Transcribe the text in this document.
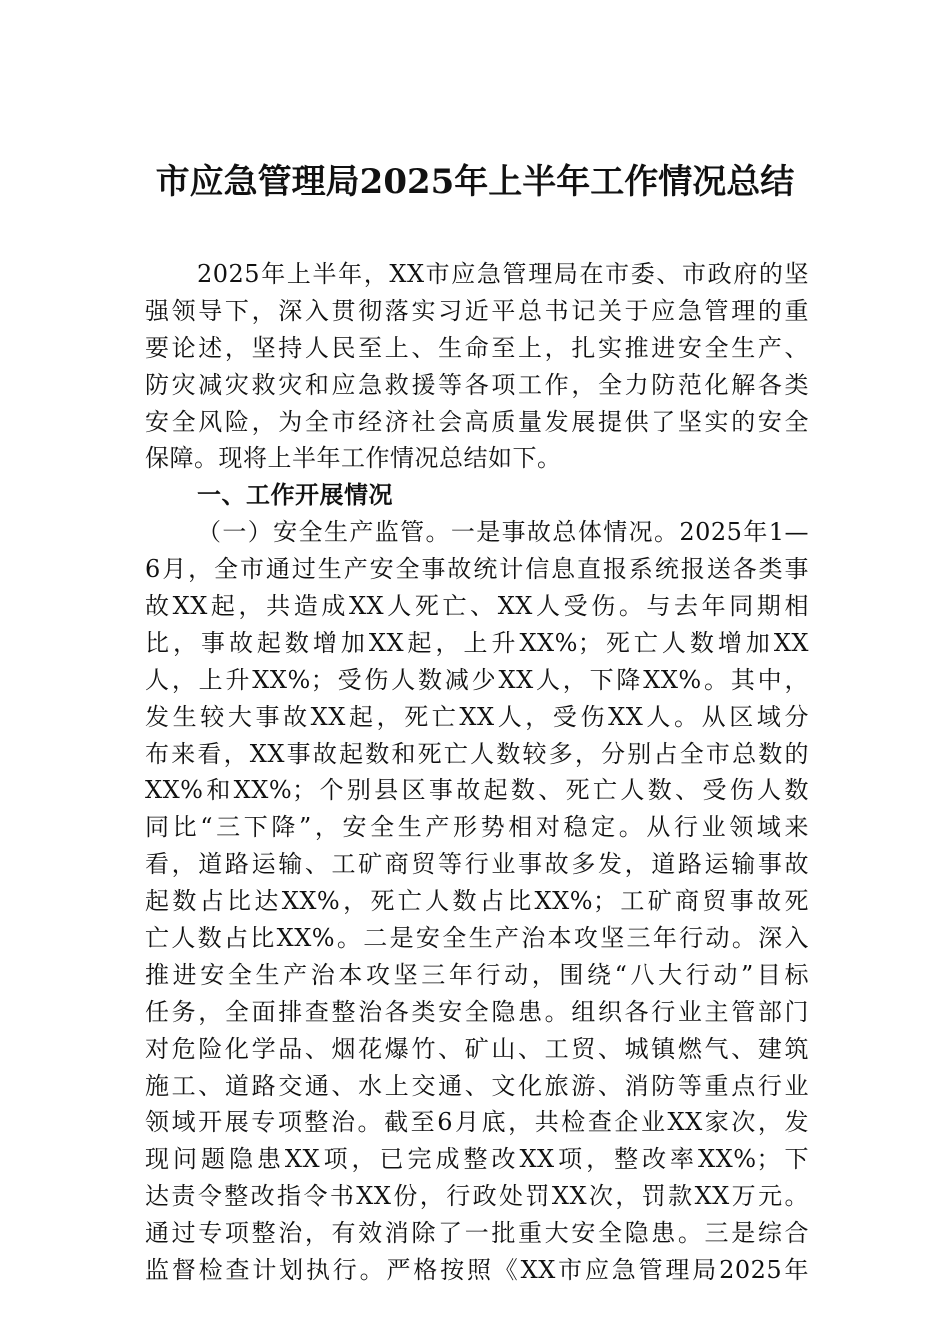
市应急管理局2025年上半年工作情况总结
2025年上半年，XX市应急管理局在市委、市政府的坚
强领导下，深入贯彻落实习近平总书记关于应急管理的重
要论述，坚持人民至上、生命至上，扎实推进安全生产、
防灾减灾救灾和应急救援等各项工作，全力防范化解各类
安全风险，为全市经济社会高质量发展提供了坚实的安全
保障。现将上半年工作情况总结如下。
一、工作开展情况
（一）安全生产监管。一是事故总体情况。2025年1—
6月，全市通过生产安全事故统计信息直报系统报送各类事
故XX起，共造成XX人死亡、XX人受伤。与去年同期相
比，事故起数增加XX起，上升XX%；死亡人数增加XX
人，上升XX%；受伤人数减少XX人，下降XX%。其中，
发生较大事故XX起，死亡XX人，受伤XX人。从区域分
布来看，XX事故起数和死亡人数较多，分别占全市总数的
XX%和XX%；个别县区事故起数、死亡人数、受伤人数
同比“三下降”，安全生产形势相对稳定。从行业领域来
看，道路运输、工矿商贸等行业事故多发，道路运输事故
起数占比达XX%，死亡人数占比XX%；工矿商贸事故死
亡人数占比XX%。二是安全生产治本攻坚三年行动。深入
推进安全生产治本攻坚三年行动，围绕“八大行动”目标
任务，全面排查整治各类安全隐患。组织各行业主管部门
对危险化学品、烟花爆竹、矿山、工贸、城镇燃气、建筑
施工、道路交通、水上交通、文化旅游、消防等重点行业
领域开展专项整治。截至6月底，共检查企业XX家次，发
现问题隐患XX项，已完成整改XX项，整改率XX%；下
达责令整改指令书XX份，行政处罚XX次，罚款XX万元。
通过专项整治，有效消除了一批重大安全隐患。三是综合
监督检查计划执行。严格按照《XX市应急管理局2025年
